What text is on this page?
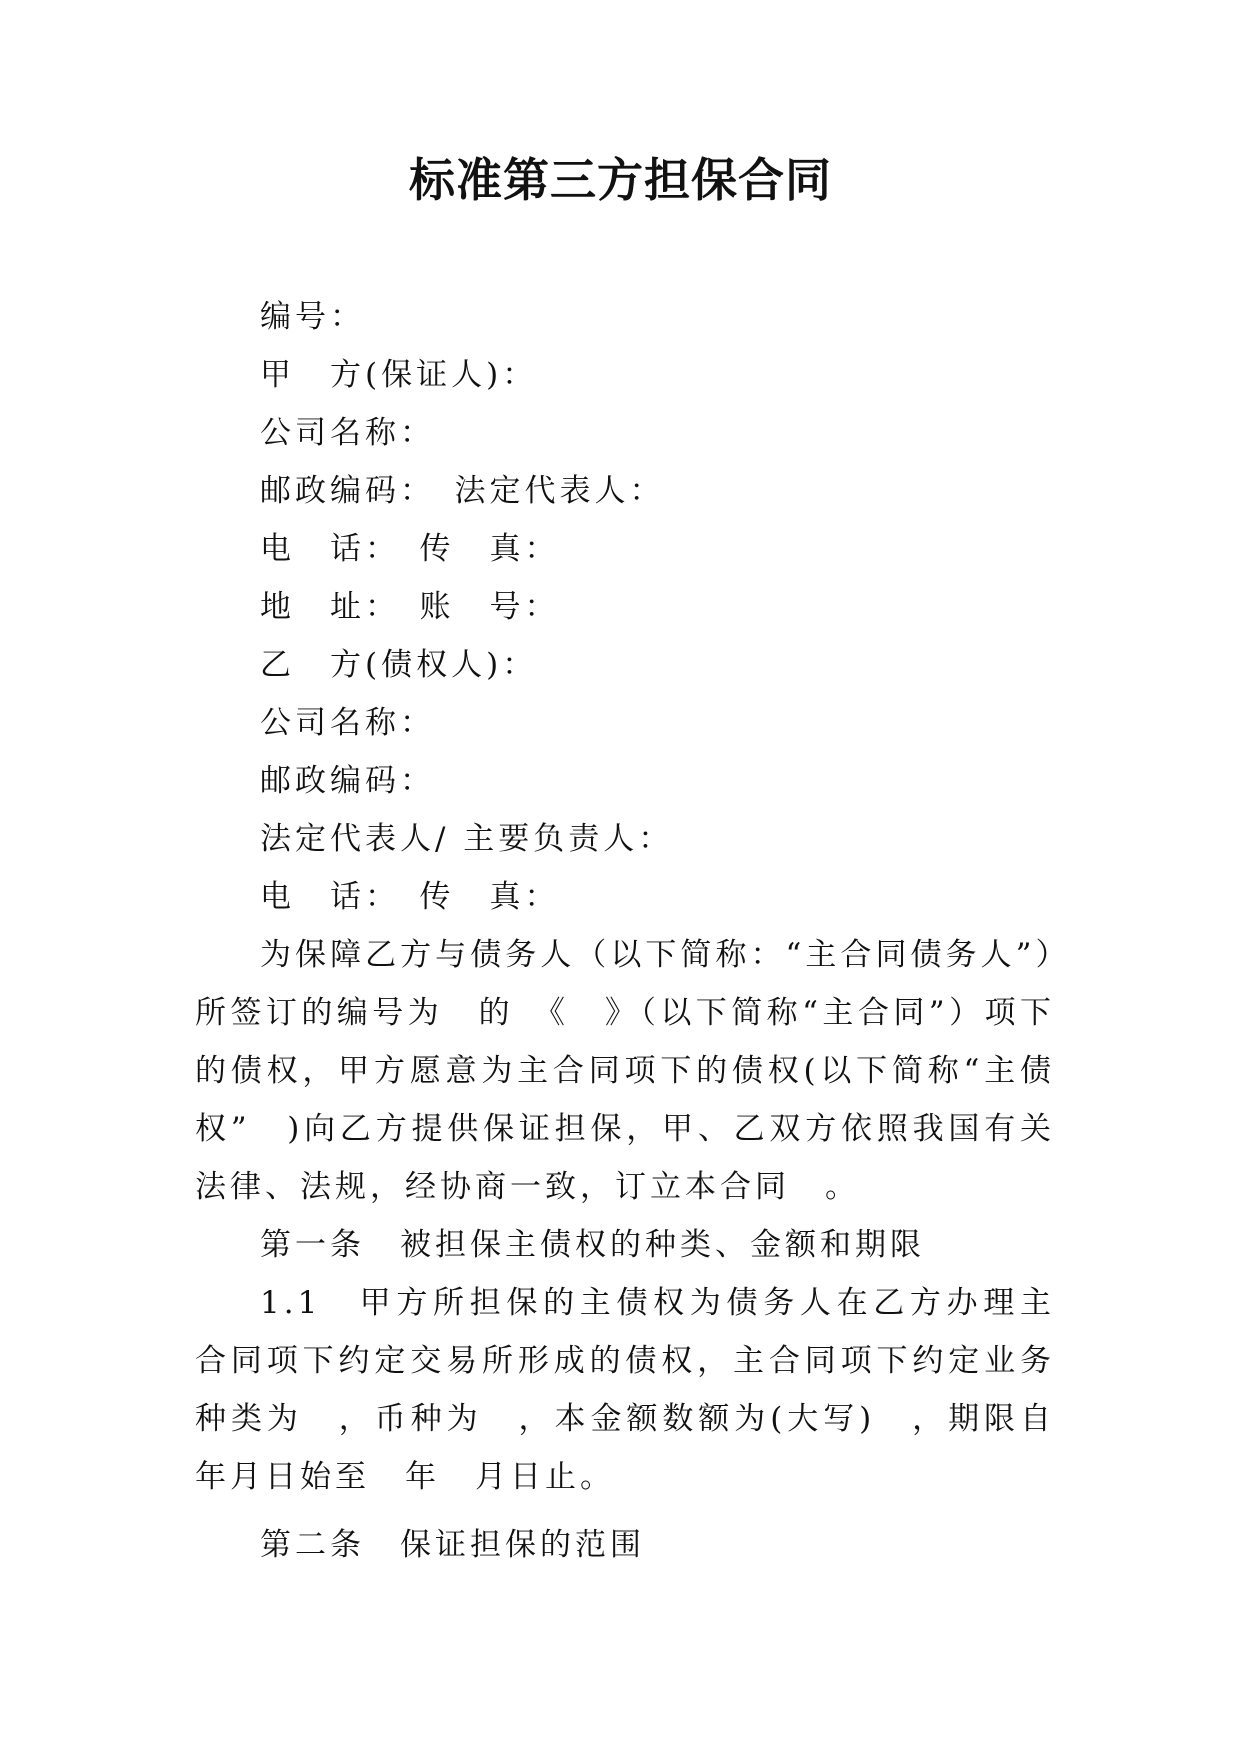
标准第三方担保合同

编号：

甲　方(保证人)：

公司名称：

邮政编码：　法定代表人：

电　话：　传　真：

地　址：　账　号：

乙　方(债权人)：

公司名称：

邮政编码：

法定代表人/ 主要负责人：

电　话：　传　真：

为保障乙方与债务人（以下简称：“主合同债务人”）所签订的编号为　的　《　》（以下简称“主合同”）项下的债权，甲方愿意为主合同项下的债权(以下简称“主债权”　)向乙方提供保证担保，甲、乙双方依照我国有关法律、法规，经协商一致，订立本合同　。

第一条　被担保主债权的种类、金额和期限

1.1　甲方所担保的主债权为债务人在乙方办理主合同项下约定交易所形成的债权，主合同项下约定业务种类为　，币种为　，本金额数额为(大写)　，期限自年月日始至　年　月日止。

第二条　保证担保的范围
